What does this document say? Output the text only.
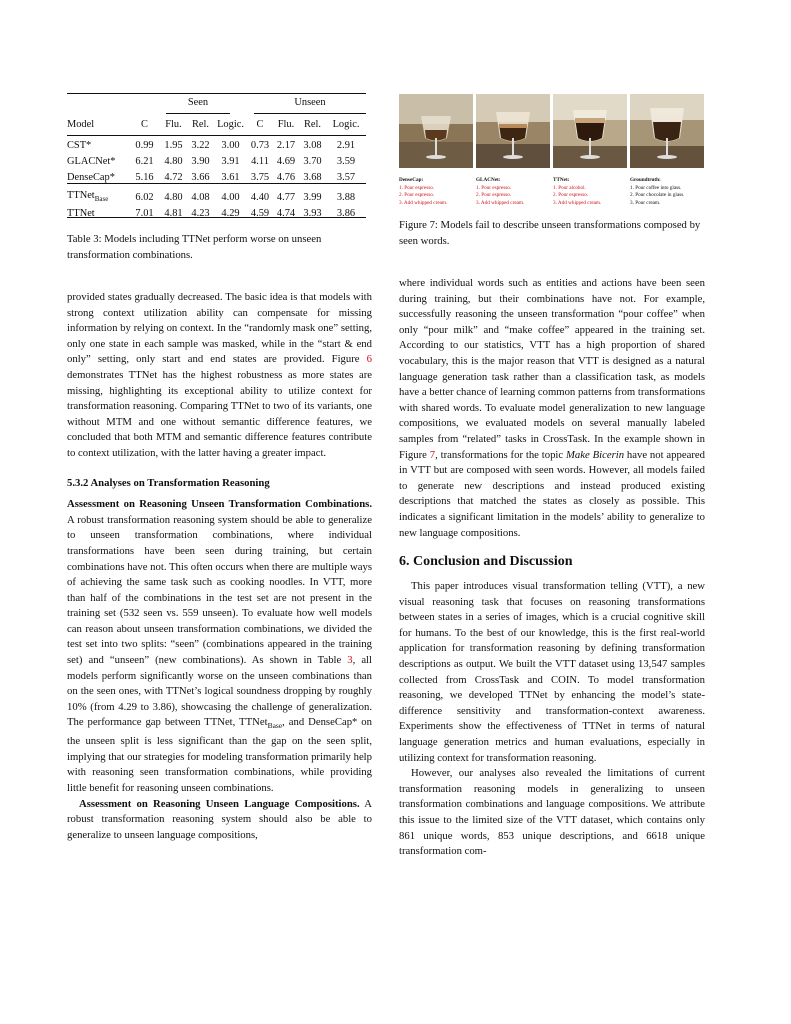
Seen	Unseen
Model	C	Flu.	Rel.	Logic.	C	Flu.	Rel.	Logic.

CST*	0.99	1.95	3.22	3.00	0.73	2.17	3.08	2.91
GLACNet*	6.21	4.80	3.90	3.91	4.11	4.69	3.70	3.59
DenseCap*	5.16	4.72	3.66	3.61	3.75	4.76	3.68	3.57

TTNet$_{Base}$	6.02	4.80	4.08	4.00	4.40	4.77	3.99	3.88
TTNet	7.01	4.81	4.23	4.29	4.59	4.74	3.93	3.86

Table 3: Models including TTNet perform worse on unseen transformation combinations.

DenseCap:
1. Pour espresso.
2. Pour espresso.
3. Add whipped cream.
GLACNet:
1. Pour espresso.
2. Pour espresso.
3. Add whipped cream.
TTNet:
1. Pour alcohol.
2. Pour espresso.
3. Add whipped cream.
Groundtruth:
1. Pour coffee into glass.
2. Pour chocolate in glass.
3. Pour cream.

Figure 7: Models fail to describe unseen transformations composed by seen words.

provided states gradually decreased. The basic idea is that models with strong context utilization ability can compensate for missing information by relying on context. In the “randomly mask one” setting, only one state in each sample was masked, while in the “start & end only” setting, only start and end states are provided. Figure 6 demonstrates TTNet has the highest robustness as more states are missing, highlighting its exceptional ability to utilize context for transformation reasoning. Comparing TTNet to two of its variants, one without MTM and one without semantic difference features, we concluded that both MTM and semantic difference features contribute to context utilization, with the latter having a greater impact.

5.3.2 Analyses on Transformation Reasoning

Assessment on Reasoning Unseen Transformation Combinations. A robust transformation reasoning system should be able to generalize to unseen transformation combinations, where individual transformations have been seen during training, but certain combinations have not. This often occurs when there are multiple ways of achieving the same task such as cooking noodles. In VTT, more than half of the combinations in the test set are not present in the training set (532 seen vs. 559 unseen). To evaluate how well models can reason about unseen transformation combinations, we divided the test set into two splits: “seen” (combinations appeared in the training set) and “unseen” (new combinations). As shown in Table 3, all models perform significantly worse on the unseen combinations than on the seen ones, with TTNet’s logical soundness dropping by roughly 10% (from 4.29 to 3.86), showcasing the challenge of generalization. The performance gap between TTNet, TTNet$_{Base}$, and DenseCap* on the unseen split is less significant than the gap on the seen split, implying that our strategies for modeling transformation primarily help with reasoning seen transformation combinations, while providing little benefit for reasoning unseen combinations.

Assessment on Reasoning Unseen Language Compositions. A robust transformation reasoning system should also be able to generalize to unseen language compositions,

where individual words such as entities and actions have been seen during training, but their combinations have not. For example, successfully reasoning the unseen transformation “pour coffee” when only “pour milk” and “make coffee” appeared in the training set. According to our statistics, VTT has a high proportion of shared vocabulary, this is the major reason that VTT is designed as a natural language generation task rather than a classification task, as models have a better chance of learning common patterns from transformations with shared words. To evaluate model generalization to new language compositions, we evaluated models on several manually labeled samples from “related” tasks in CrossTask. In the example shown in Figure 7, transformations for the topic Make Bicerin have not appeared in VTT but are composed with seen words. However, all models failed to generate new descriptions and instead produced existing descriptions that matched the states as closely as possible. This indicates a significant limitation in the models’ ability to generalize to new language compositions.

6. Conclusion and Discussion

This paper introduces visual transformation telling (VTT), a new visual reasoning task that focuses on reasoning transformations between states in a series of images, which is a crucial cognitive skill for humans. To the best of our knowledge, this is the first real-world application for transformation reasoning by defining transformation descriptions as output. We built the VTT dataset using 13,547 samples collected from CrossTask and COIN. To model transformation reasoning, we developed TTNet by enhancing the model’s state-difference sensitivity and transformation-context awareness. Experiments show the effectiveness of TTNet in terms of natural language generation metrics and human evaluations, especially in utilizing context for transformation reasoning.

However, our analyses also revealed the limitations of current transformation reasoning models in generalizing to unseen transformation combinations and language compositions. We attribute this issue to the limited size of the VTT dataset, which contains only 861 unique words, 853 unique descriptions, and 6618 unique transformation com-
